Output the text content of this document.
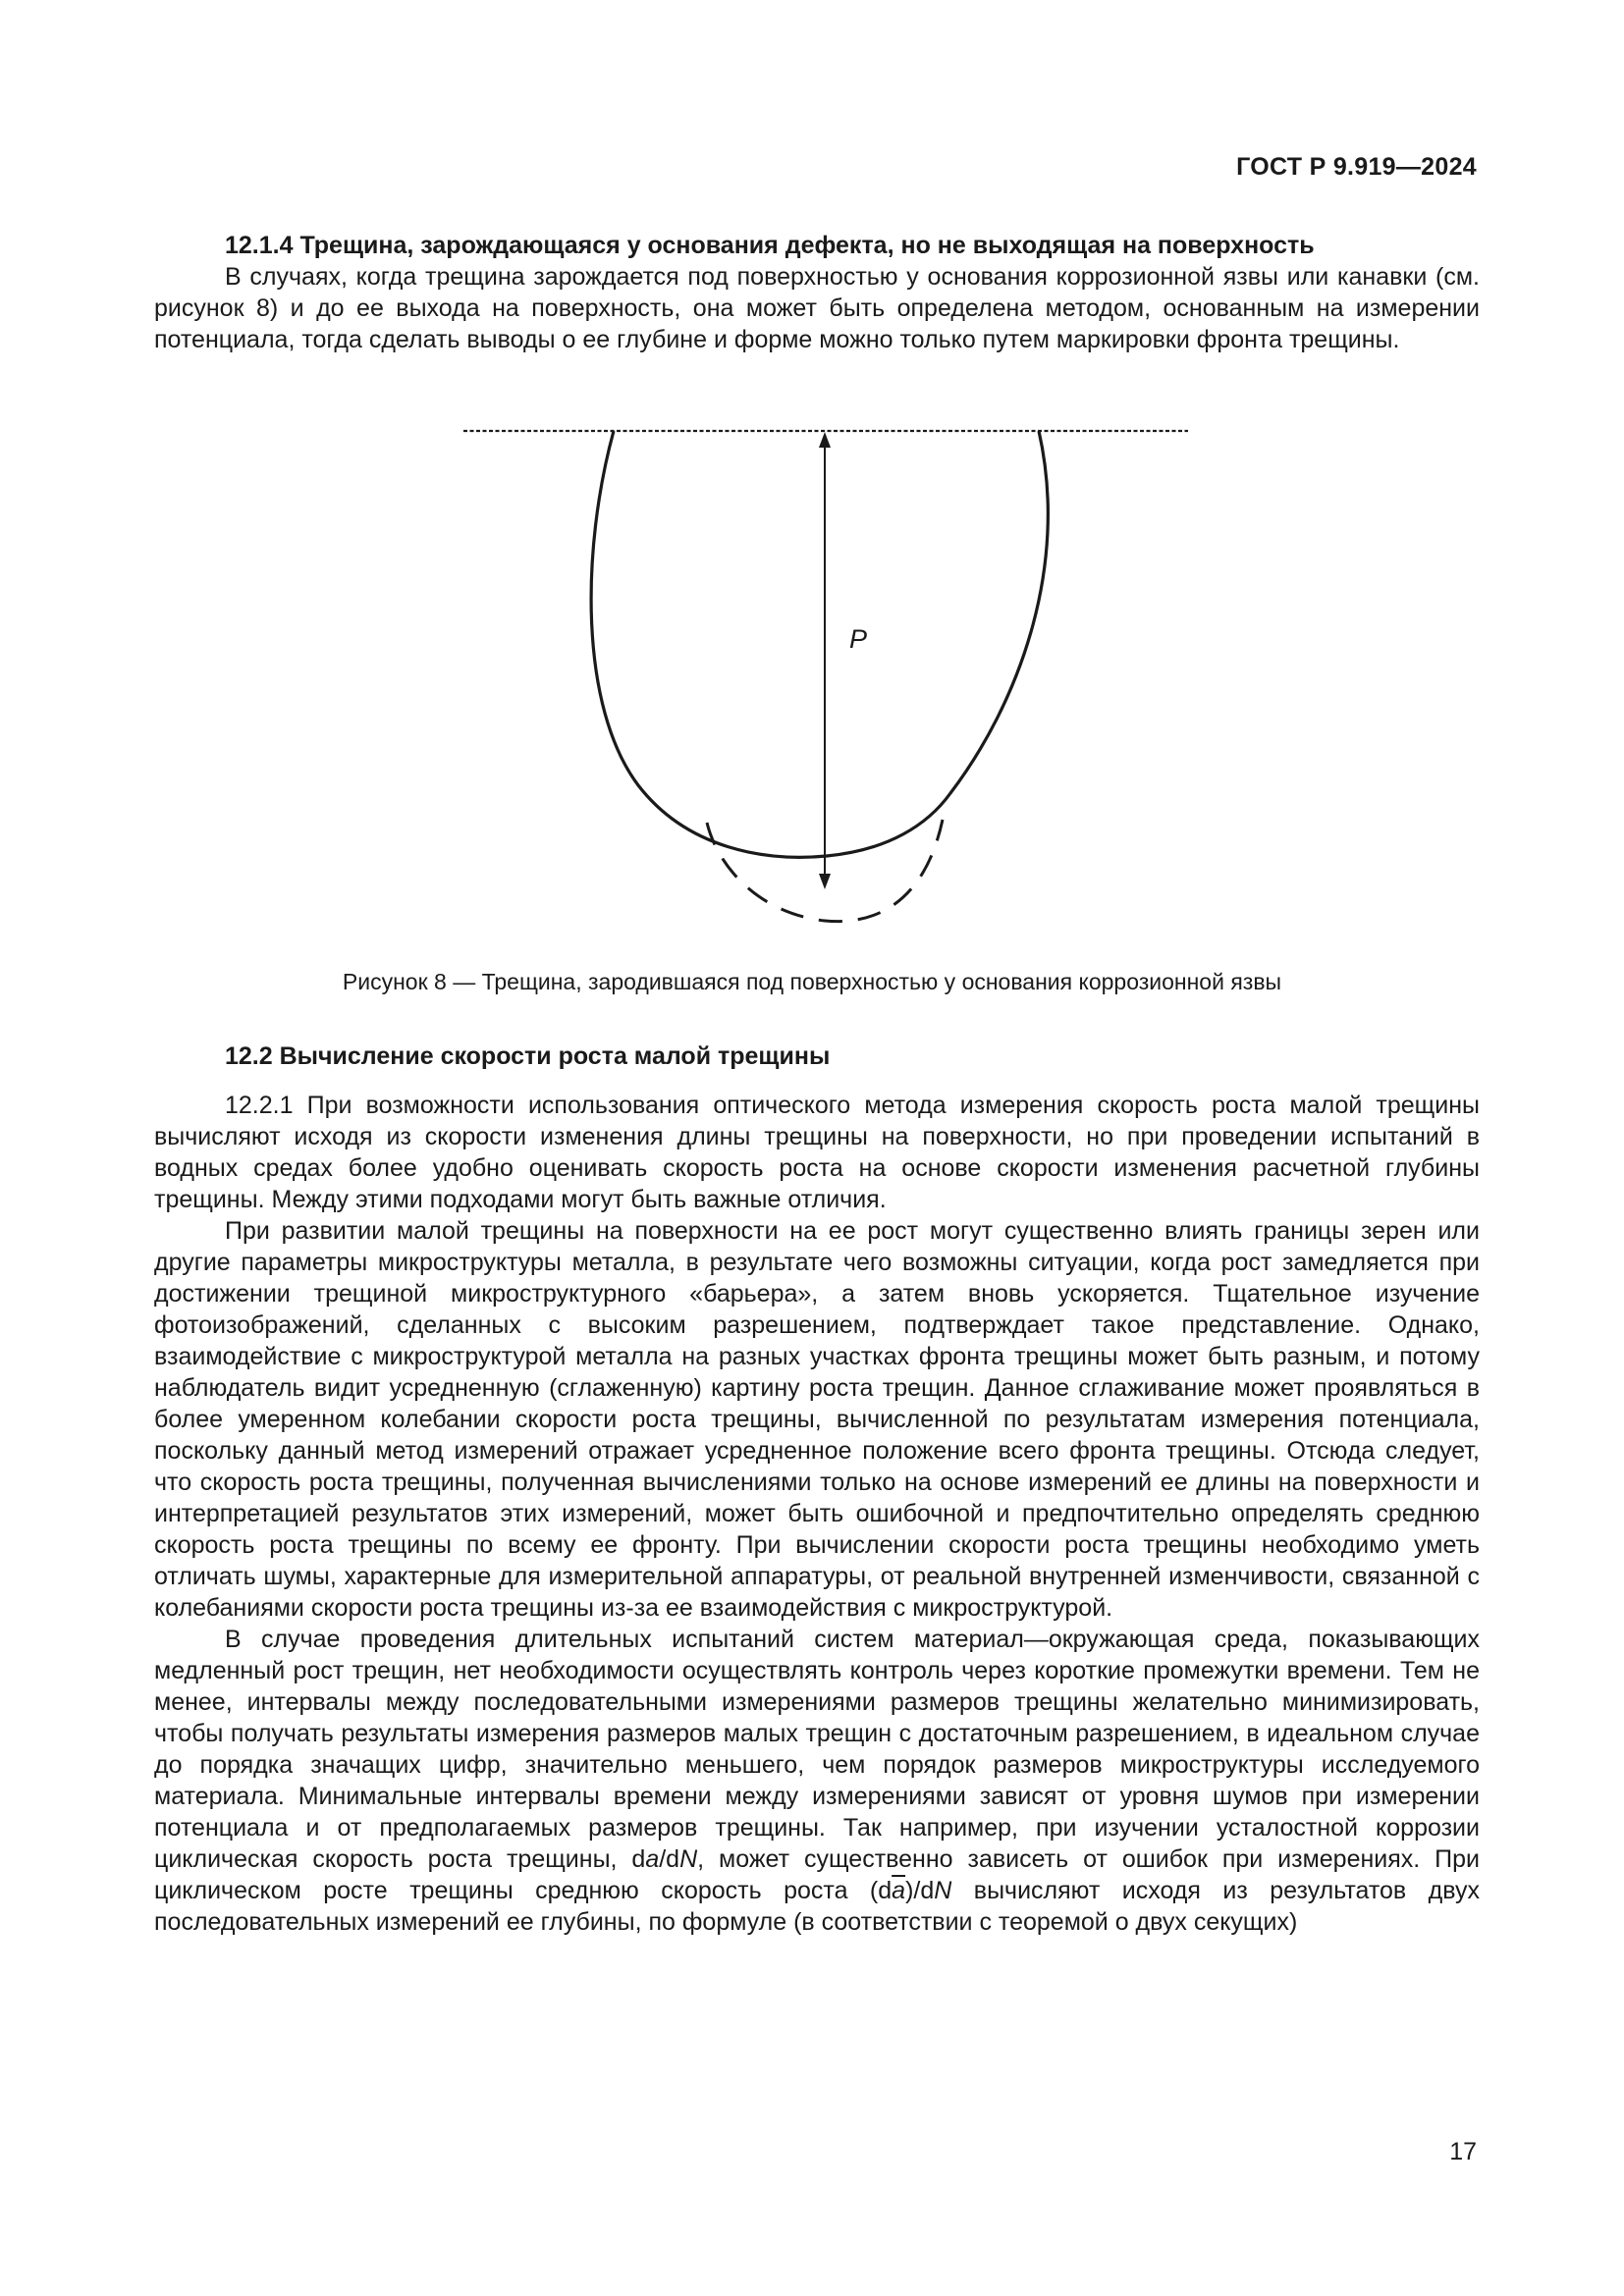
ГОСТ Р 9.919—2024

12.1.4 Трещина, зарождающаяся у основания дефекта, но не выходящая на поверхность

В случаях, когда трещина зарождается под поверхностью у основания коррозионной язвы или канавки (см. рисунок 8) и до ее выхода на поверхность, она может быть определена методом, основанным на измерении потенциала, тогда сделать выводы о ее глубине и форме можно только путем маркировки фронта трещины.

P
Рисунок 8 — Трещина, зародившаяся под поверхностью у основания коррозионной язвы

12.2 Вычисление скорости роста малой трещины

12.2.1 При возможности использования оптического метода измерения скорость роста малой трещины вычисляют исходя из скорости изменения длины трещины на поверхности, но при проведении испытаний в водных средах более удобно оценивать скорость роста на основе скорости изменения расчетной глубины трещины. Между этими подходами могут быть важные отличия.

При развитии малой трещины на поверхности на ее рост могут существенно влиять границы зерен или другие параметры микроструктуры металла, в результате чего возможны ситуации, когда рост замедляется при достижении трещиной микроструктурного «барьера», а затем вновь ускоряется. Тщательное изучение фотоизображений, сделанных с высоким разрешением, подтверждает такое представление. Однако, взаимодействие с микроструктурой металла на разных участках фронта трещины может быть разным, и потому наблюдатель видит усредненную (сглаженную) картину роста трещин. Данное сглаживание может проявляться в более умеренном колебании скорости роста трещины, вычисленной по результатам измерения потенциала, поскольку данный метод измерений отражает усредненное положение всего фронта трещины. Отсюда следует, что скорость роста трещины, полученная вычислениями только на основе измерений ее длины на поверхности и интерпретацией результатов этих измерений, может быть ошибочной и предпочтительно определять среднюю скорость роста трещины по всему ее фронту. При вычислении скорости роста трещины необходимо уметь отличать шумы, характерные для измерительной аппаратуры, от реальной внутренней изменчивости, связанной с колебаниями скорости роста трещины из-за ее взаимодействия с микроструктурой.

В случае проведения длительных испытаний систем материал—окружающая среда, показывающих медленный рост трещин, нет необходимости осуществлять контроль через короткие промежутки времени. Тем не менее, интервалы между последовательными измерениями размеров трещины желательно минимизировать, чтобы получать результаты измерения размеров малых трещин с достаточным разрешением, в идеальном случае до порядка значащих цифр, значительно меньшего, чем порядок размеров микроструктуры исследуемого материала. Минимальные интервалы времени между измерениями зависят от уровня шумов при измерении потенциала и от предполагаемых размеров трещины. Так например, при изучении усталостной коррозии циклическая скорость роста трещины, da/dN, может существенно зависеть от ошибок при измерениях. При циклическом росте трещины среднюю скорость роста $(d\overline{a})/dN$ вычисляют исходя из результатов двух последовательных измерений ее глубины, по формуле (в соответствии с теоремой о двух секущих)

17
